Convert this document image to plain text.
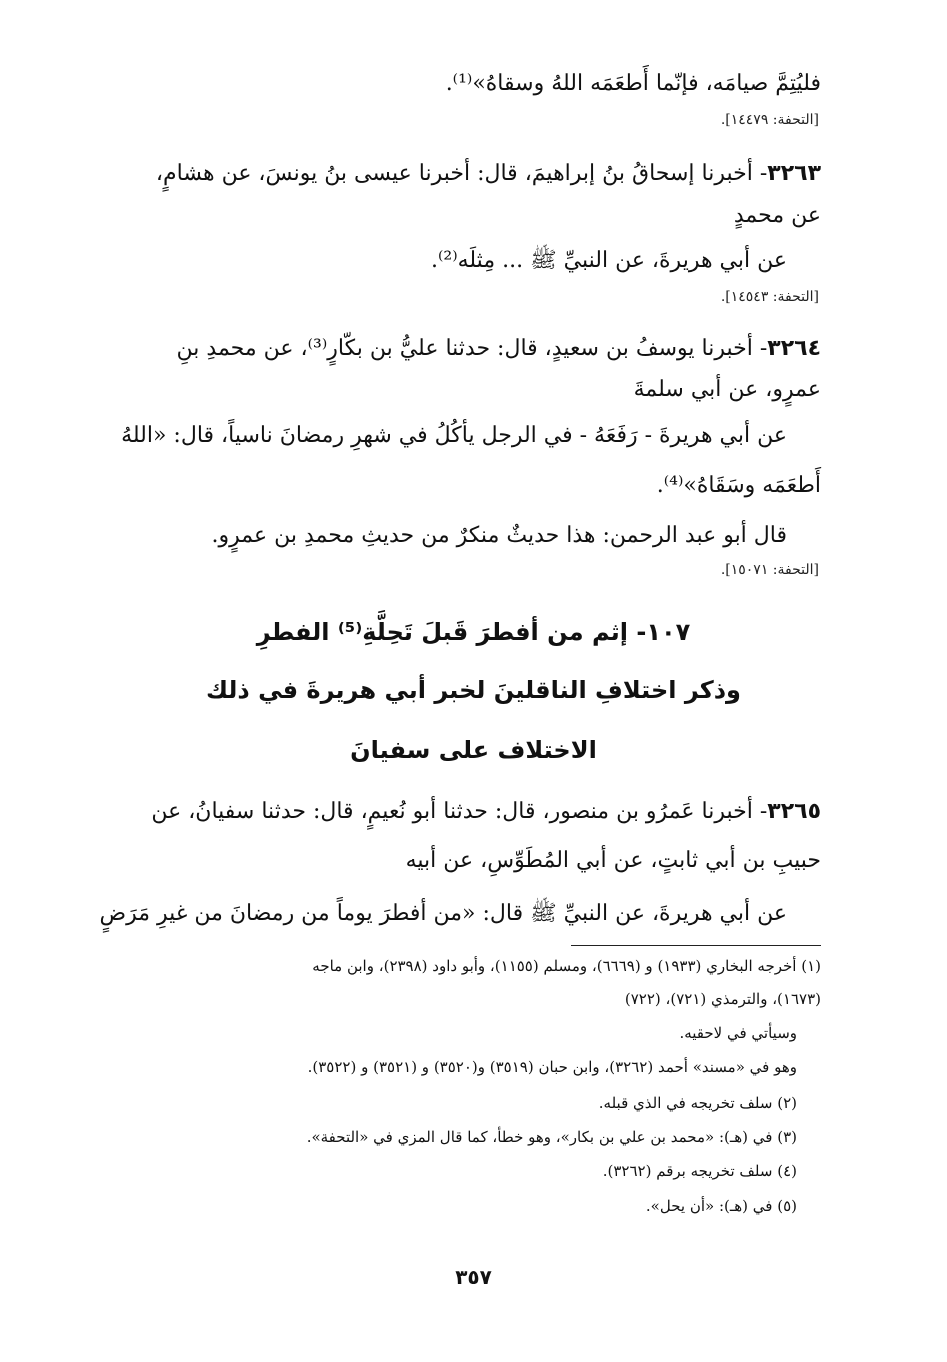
فليُتِمَّ صيامَه، فإنّما أَطعَمَه اللهُ وسقاهُ»⁽¹⁾.
[التحفة: ١٤٤٧٩].
٣٢٦٣- أخبرنا إسحاقُ بنُ إبراهيمَ، قال: أخبرنا عيسى بنُ يونسَ، عن هشامٍ،
عن محمدٍ
عن أبي هريرةَ، عن النبيِّ ﷺ ... مِثلَه⁽²⁾.
[التحفة: ١٤٥٤٣].
٣٢٦٤- أخبرنا يوسفُ بن سعيدٍ، قال: حدثنا عليُّ بن بكّارٍ⁽³⁾، عن محمدِ بنِ
عمرٍو، عن أبي سلمةَ
عن أبي هريرةَ - رَفَعَهُ - في الرجل يأكُلُ في شهرِ رمضانَ ناسياً، قال: «اللهُ
أَطعَمَه وسَقَاهُ»⁽⁴⁾.
قال أبو عبد الرحمن: هذا حديثٌ منكرٌ من حديثِ محمدِ بن عمرٍو.
[التحفة: ١٥٠٧١].
١٠٧- إثم من أفطرَ قَبلَ تَحِلَّةِ⁽⁵⁾ الفطرِ
وذكر اختلافِ الناقلينَ لخبر أبي هريرةَ في ذلك
الاختلاف على سفيانَ
٣٢٦٥- أخبرنا عَمرُو بن منصور، قال: حدثنا أبو نُعيمٍ، قال: حدثنا سفيانُ، عن
حبيبِ بن أبي ثابتٍ، عن أبي المُطَوِّسِ، عن أبيه
عن أبي هريرةَ، عن النبيِّ ﷺ قال: «من أفطرَ يوماً من رمضانَ من غيرِ مَرَضٍ
(١) أخرجه البخاري (١٩٣٣) و (٦٦٦٩)، ومسلم (١١٥٥)، وأبو داود (٢٣٩٨)، وابن ماجه
(١٦٧٣)، والترمذي (٧٢١)، (٧٢٢)
وسيأتي في لاحقيه.
وهو في «مسند» أحمد (٣٢٦٢)، وابن حبان (٣٥١٩) و(٣٥٢٠) و (٣٥٢١) و (٣٥٢٢).
(٢) سلف تخريجه في الذي قبله.
(٣) في (هـ): «محمد بن علي بن بكار»، وهو خطأ، كما قال المزي في «التحفة».
(٤) سلف تخريجه برقم (٣٢٦٢).
(٥) في (هـ): «أن يحل».
٣٥٧
